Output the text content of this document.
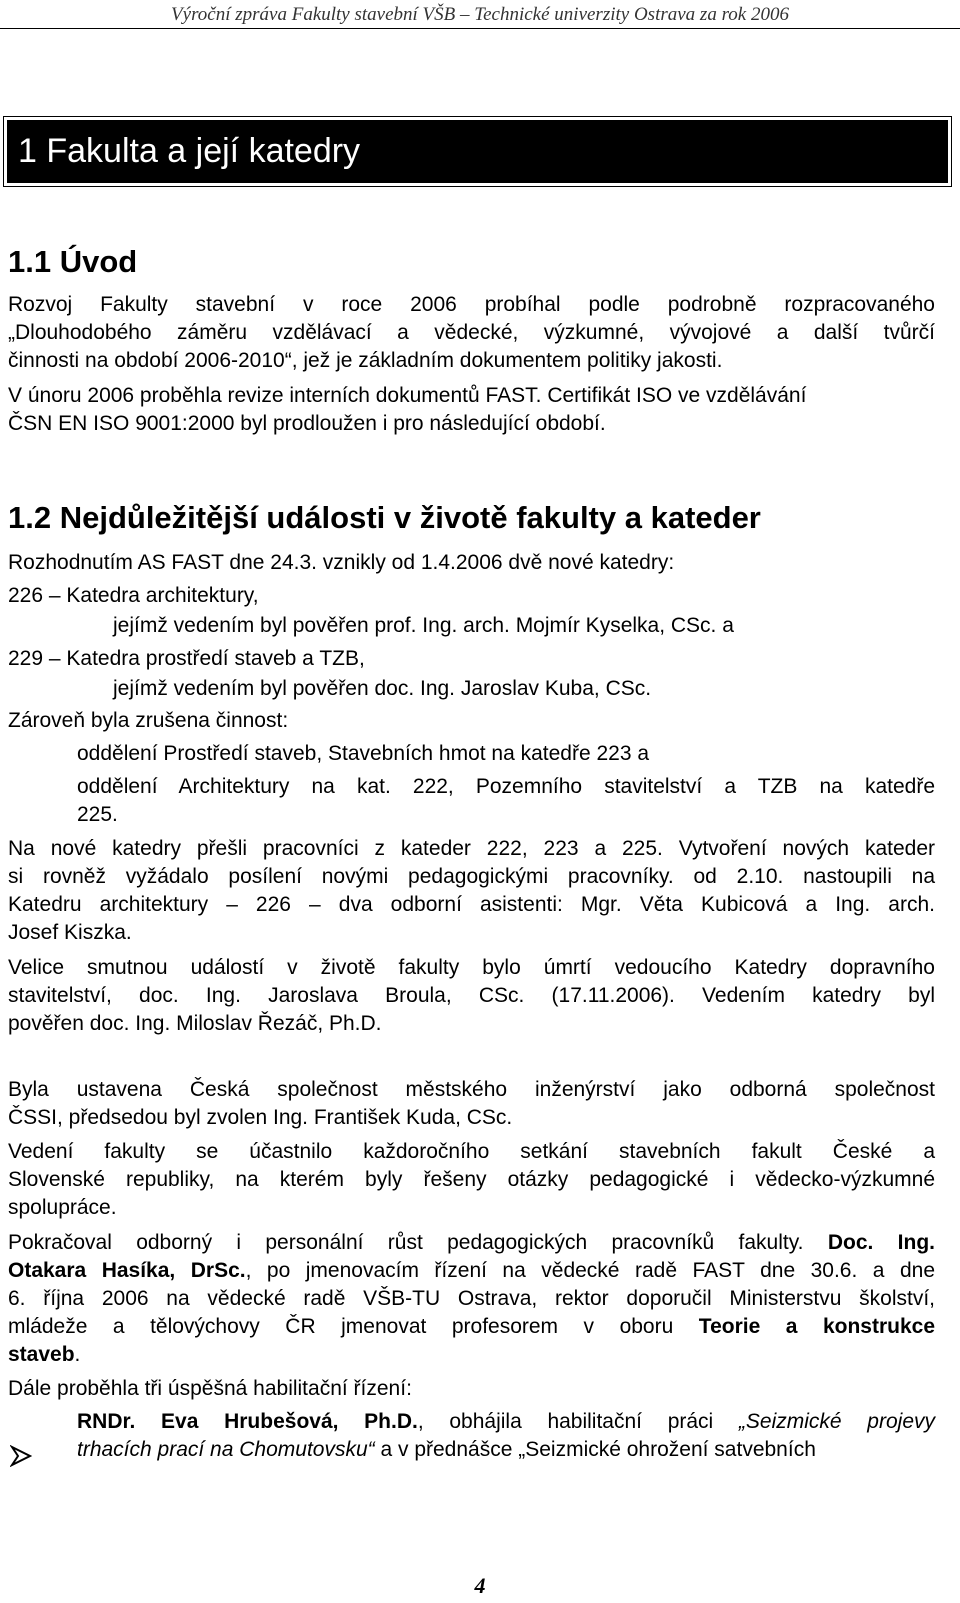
Výroční zpráva Fakulty stavební VŠB – Technické univerzity Ostrava za rok 2006
1 Fakulta a její katedry
1.1 Úvod
Rozvoj Fakulty stavební v roce 2006 probíhal podle podrobně rozpracovaného
„Dlouhodobého záměru vzdělávací a vědecké, výzkumné, vývojové a další tvůrčí
činnosti na období 2006-2010“, jež je základním dokumentem politiky jakosti.
V únoru 2006 proběhla revize interních dokumentů FAST. Certifikát ISO ve vzdělávání
ČSN EN ISO 9001:2000 byl prodloužen i pro následující období.
1.2 Nejdůležitější události v životě fakulty a kateder
Rozhodnutím AS FAST dne 24.3. vznikly od 1.4.2006 dvě nové katedry:
226 – Katedra architektury,
jejímž vedením byl pověřen prof. Ing. arch. Mojmír Kyselka, CSc. a
229 – Katedra prostředí staveb a TZB,
jejímž vedením byl pověřen doc. Ing. Jaroslav Kuba, CSc.
Zároveň byla zrušena činnost:
oddělení Prostředí staveb, Stavebních hmot na katedře 223 a
oddělení Architektury na kat. 222, Pozemního stavitelství a TZB na katedře
225.
Na nové katedry přešli pracovníci z kateder 222, 223 a 225. Vytvoření nových kateder
si rovněž vyžádalo posílení novými pedagogickými pracovníky. od 2.10. nastoupili na
Katedru architektury – 226 – dva odborní asistenti: Mgr. Věta Kubicová a Ing. arch.
Josef Kiszka.
Velice smutnou událostí v životě fakulty bylo úmrtí vedoucího Katedry dopravního
stavitelství, doc. Ing. Jaroslava Broula, CSc. (17.11.2006). Vedením katedry byl
pověřen doc. Ing. Miloslav Řezáč, Ph.D.
Byla ustavena Česká společnost městského inženýrství jako odborná společnost
ČSSI, předsedou byl zvolen Ing. František Kuda, CSc.
Vedení fakulty se účastnilo každoročního setkání stavebních fakult České a
Slovenské republiky, na kterém byly řešeny otázky pedagogické i vědecko-výzkumné
spolupráce.
Pokračoval odborný i personální růst pedagogických pracovníků fakulty. Doc. Ing.
Otakara Hasíka, DrSc., po jmenovacím řízení na vědecké radě FAST dne 30.6. a dne
6. října 2006 na vědecké radě VŠB-TU Ostrava, rektor doporučil Ministerstvu školství,
mládeže a tělovýchovy ČR jmenovat profesorem v oboru Teorie a konstrukce
staveb.
Dále proběhla tři úspěšná habilitační řízení:
RNDr. Eva Hrubešová, Ph.D., obhájila habilitační práci „Seizmické projevy
trhacích prací na Chomutovsku“ a v přednášce „Seizmické ohrožení satvebních
4
